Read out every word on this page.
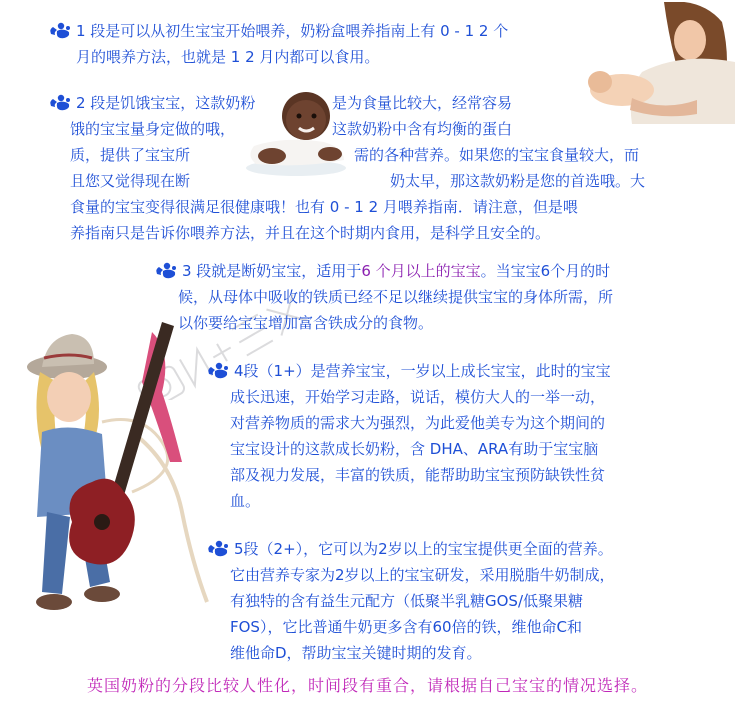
1 段是可以从初生宝宝开始喂养，奶粉盒喂养指南上有 0 - 1 2 个
月的喂养方法，也就是 1 2 月内都可以食用。
2 段是饥饿宝宝，这款奶粉	是为食量比较大，经常容易
饿的宝宝量身定做的哦，	这款奶粉中含有均衡的蛋白
质，提供了宝宝所	需的各种营养。如果您的宝宝食量较大，而
且您又觉得现在断	奶太早，那这款奶粉是您的首选哦。大
食量的宝宝变得很满足很健康哦！也有 0 - 1 2 月喂养指南．请注意，但是喂
养指南只是告诉你喂养方法，并且在这个时期内食用，是科学且安全的。
3 段就是断奶宝宝，适用于6 个月以上的宝宝。当宝宝6个月的时
候，从母体中吸收的铁质已经不足以继续提供宝宝的身体所需，所
以你要给宝宝增加富含铁成分的食物。
4段（1+）是营养宝宝，一岁以上成长宝宝，此时的宝宝
成长迅速，开始学习走路，说话，模仿大人的一举一动，
对营养物质的需求大为强烈，为此爱他美专为这个期间的
宝宝设计的这款成长奶粉，含 DHA、ARA有助于宝宝脑
部及视力发展，丰富的铁质，能帮助助宝宝预防缺铁性贫
血。
5段（2+），它可以为2岁以上的宝宝提供更全面的营养。
它由营养专家为2岁以上的宝宝研发，采用脱脂牛奶制成，
有独特的含有益生元配方（低聚半乳糖GOS/低聚果糖
FOS），它比普通牛奶更多含有60倍的铁，维他命C和
维他命D，帮助宝宝关键时期的发育。
英国奶粉的分段比较人性化，时间段有重合，请根据自己宝宝的情况选择。
